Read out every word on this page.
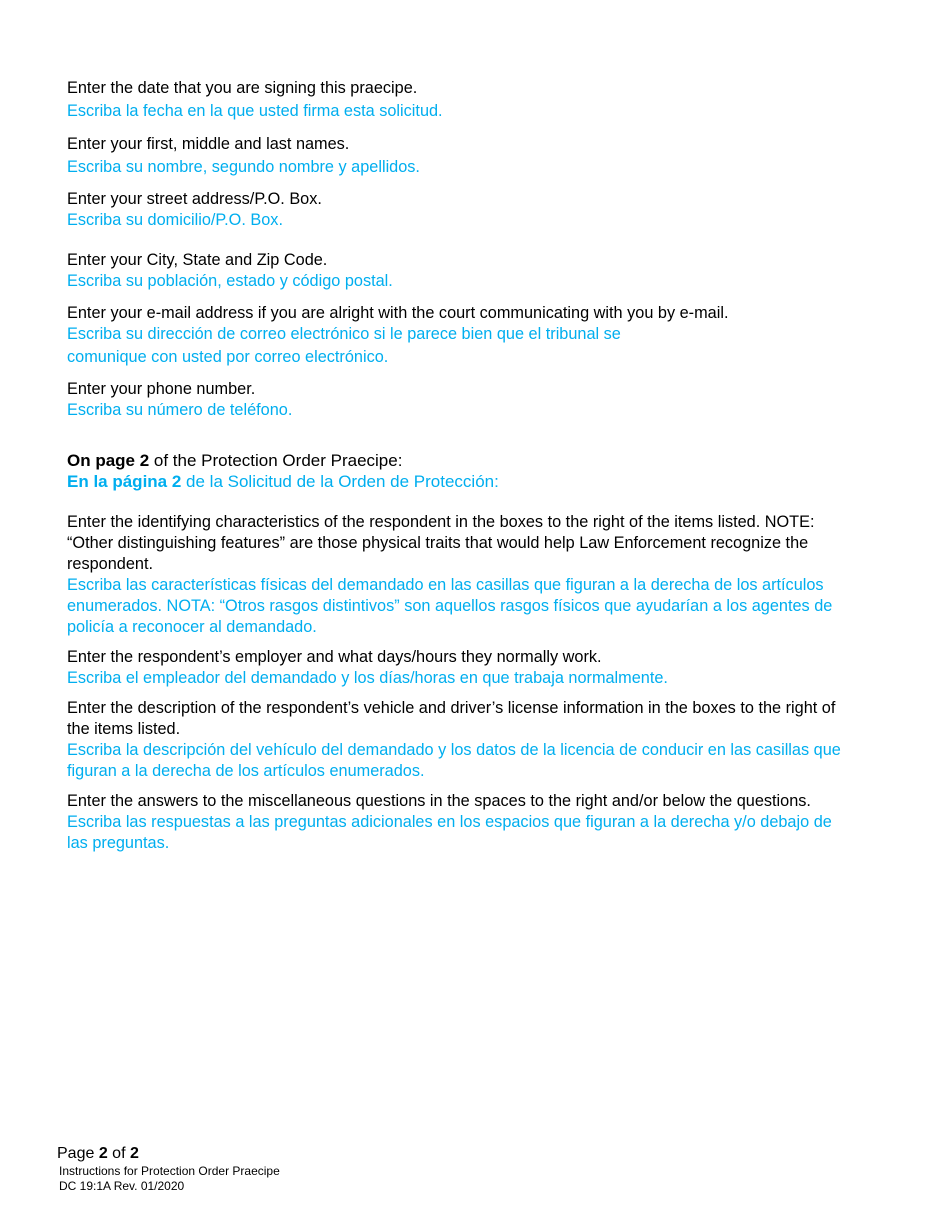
Enter the date that you are signing this praecipe.

Escriba la fecha en la que usted firma esta solicitud.

Enter your first, middle and last names.

Escriba su nombre, segundo nombre y apellidos.

Enter your street address/P.O. Box.

Escriba su domicilio/P.O. Box.

Enter your City, State and Zip Code.

Escriba su población, estado y código postal.

Enter your e-mail address if you are alright with the court communicating with you by e-mail.

Escriba su dirección de correo electrónico si le parece bien que el tribunal se

comunique con usted por correo electrónico.

Enter your phone number.

Escriba su número de teléfono.

On page 2 of the Protection Order Praecipe:

En la página 2 de la Solicitud de la Orden de Protección:

Enter the identifying characteristics of the respondent in the boxes to the right of the items listed. NOTE: “Other distinguishing features” are those physical traits that would help Law Enforcement recognize the respondent.

Escriba las características físicas del demandado en las casillas que figuran a la derecha de los artículos enumerados. NOTA: “Otros rasgos distintivos” son aquellos rasgos físicos que ayudarían a los agentes de policía a reconocer al demandado.

Enter the respondent’s employer and what days/hours they normally work.

Escriba el empleador del demandado y los días/horas en que trabaja normalmente.

Enter the description of the respondent’s vehicle and driver’s license information in the boxes to the right of the items listed.

Escriba la descripción del vehículo del demandado y los datos de la licencia de conducir en las casillas que figuran a la derecha de los artículos enumerados.

Enter the answers to the miscellaneous questions in the spaces to the right and/or below the questions.

Escriba las respuestas a las preguntas adicionales en los espacios que figuran a la derecha y/o debajo de las preguntas.

Page 2 of 2

Instructions for Protection Order Praecipe

DC 19:1A Rev. 01/2020
